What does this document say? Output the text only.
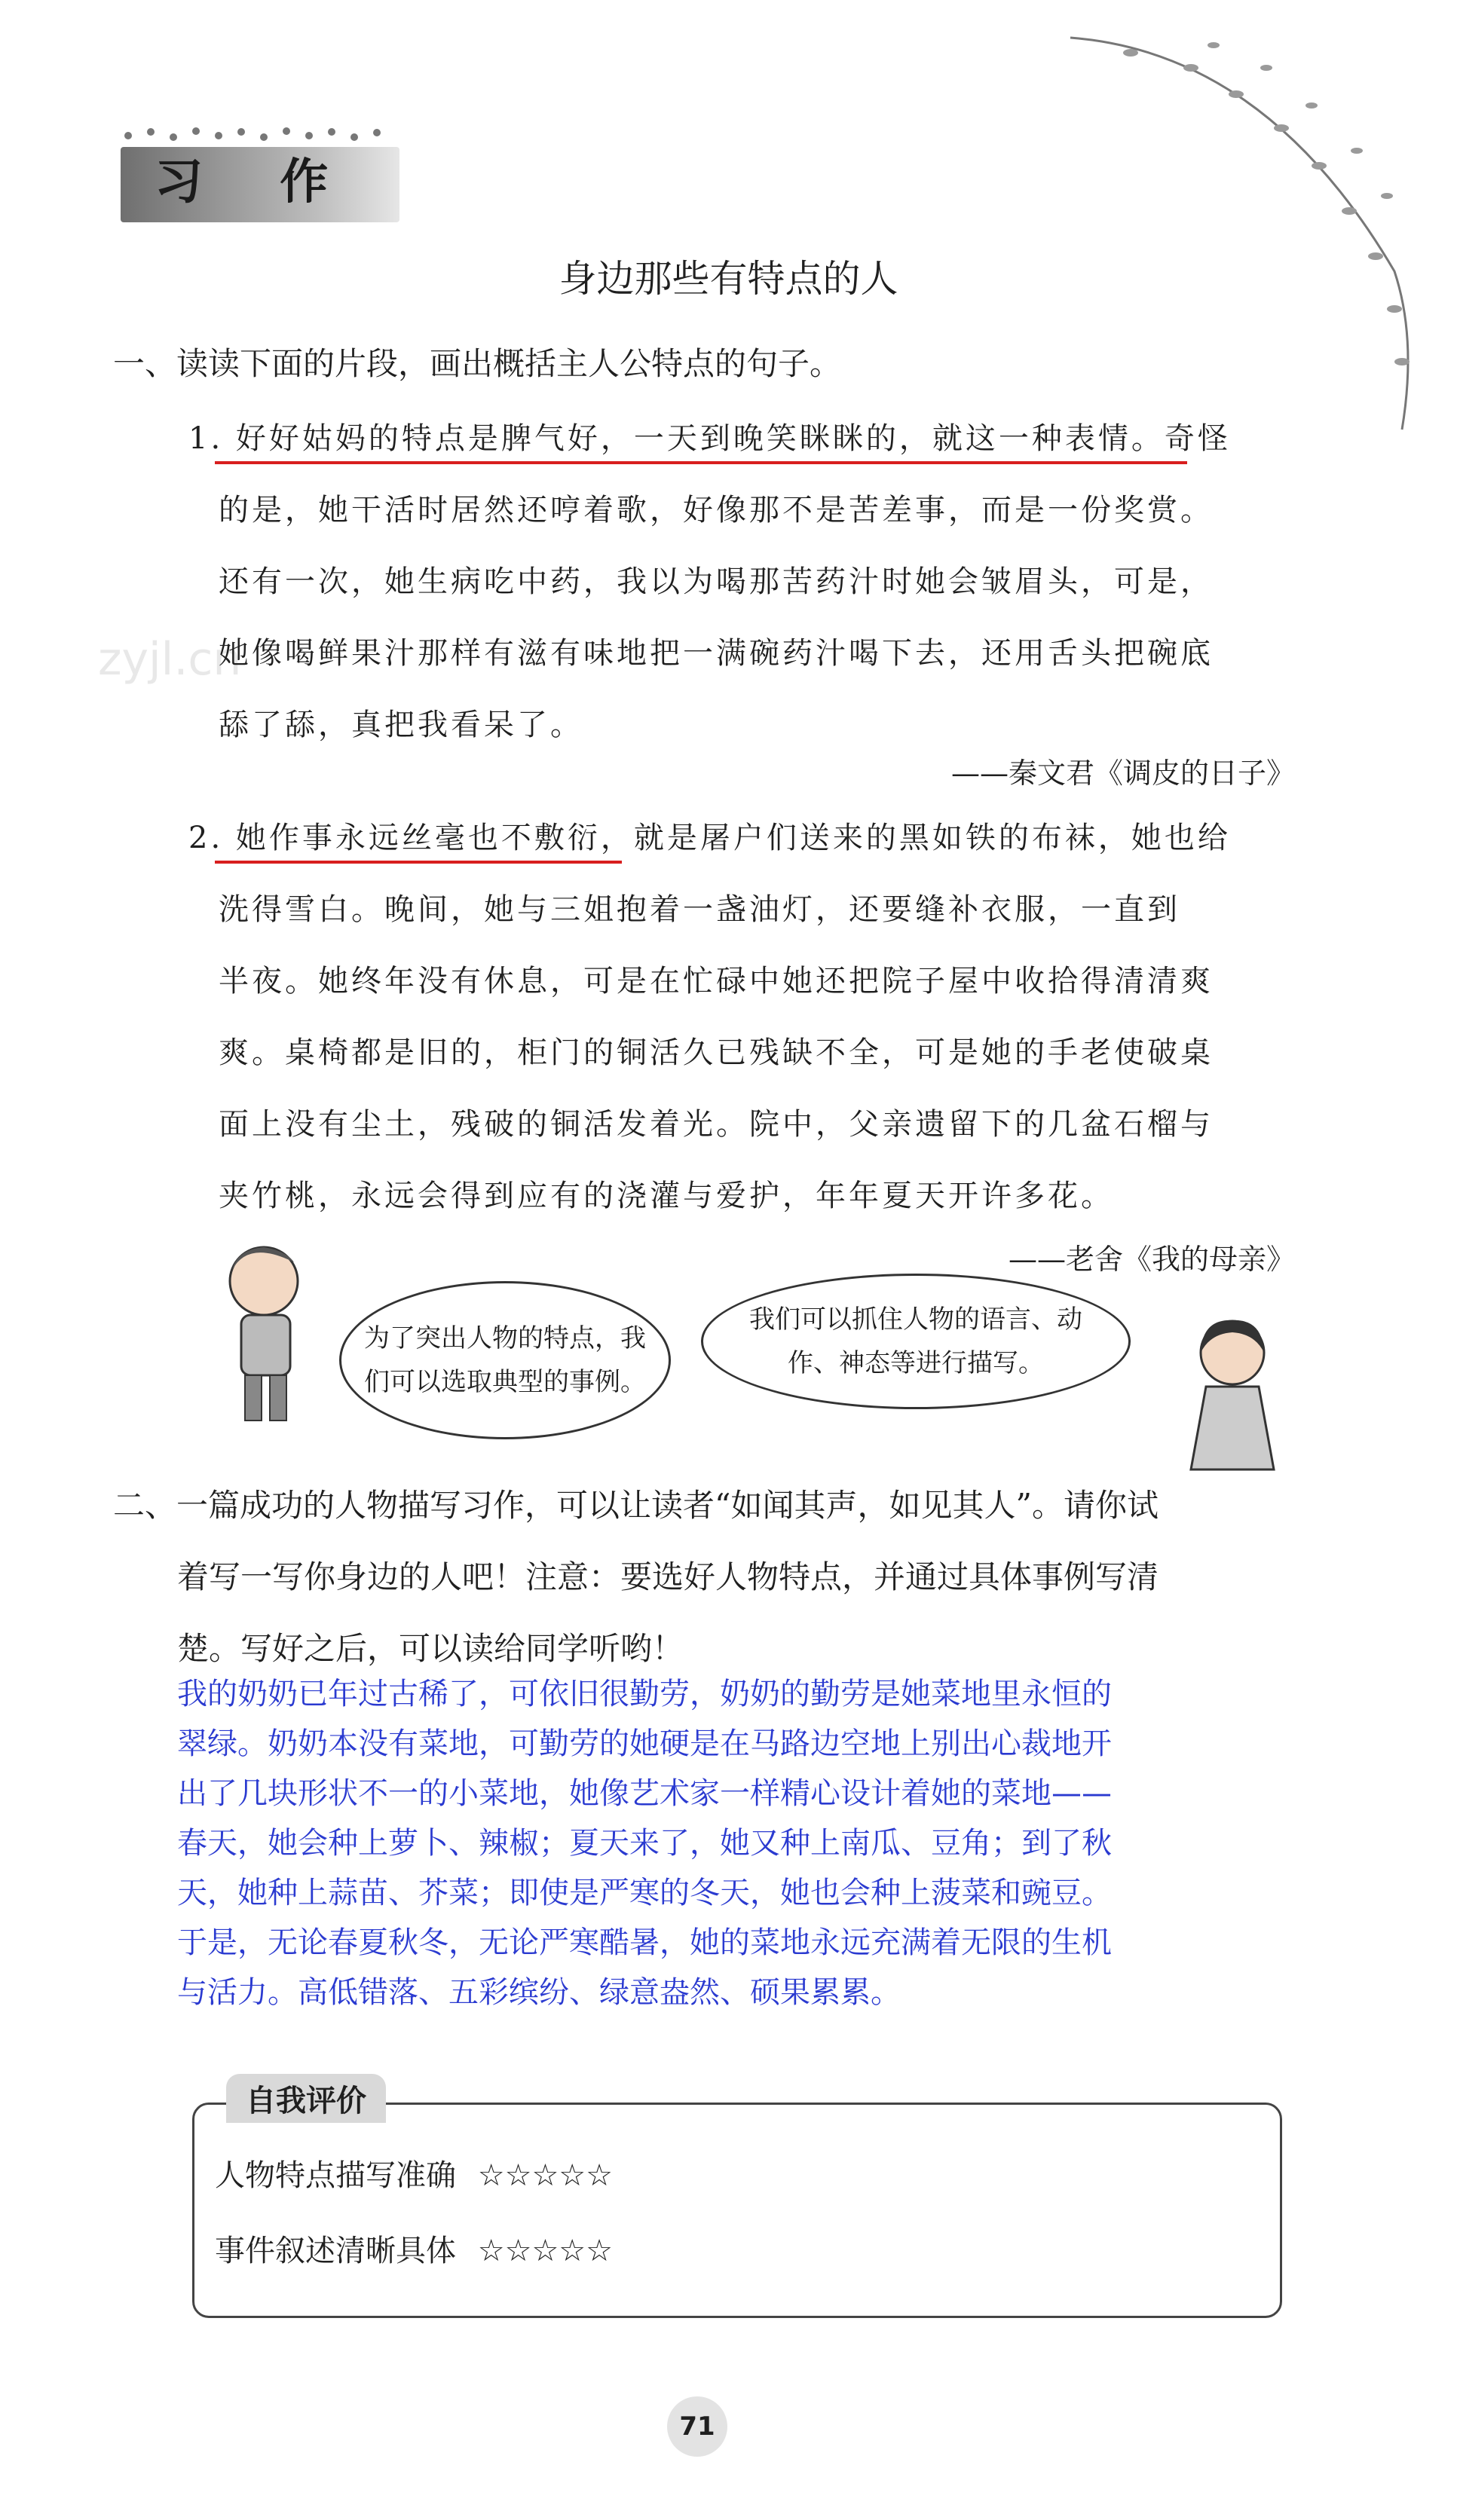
习 作
身边那些有特点的人
zyjl.cn
一、读读下面的片段，画出概括主人公特点的句子。
1. 好好姑妈的特点是脾气好，一天到晚笑眯眯的，就这一种表情。奇怪
的是，她干活时居然还哼着歌，好像那不是苦差事，而是一份奖赏。
还有一次，她生病吃中药，我以为喝那苦药汁时她会皱眉头，可是，
她像喝鲜果汁那样有滋有味地把一满碗药汁喝下去，还用舌头把碗底
舔了舔，真把我看呆了。
——秦文君《调皮的日子》
2. 她作事永远丝毫也不敷衍，就是屠户们送来的黑如铁的布袜，她也给
洗得雪白。晚间，她与三姐抱着一盏油灯，还要缝补衣服，一直到
半夜。她终年没有休息，可是在忙碌中她还把院子屋中收拾得清清爽
爽。桌椅都是旧的，柜门的铜活久已残缺不全，可是她的手老使破桌
面上没有尘土，残破的铜活发着光。院中，父亲遗留下的几盆石榴与
夹竹桃，永远会得到应有的浇灌与爱护，年年夏天开许多花。
——老舍《我的母亲》
为了突出人物的特点，我们可以选取典型的事例。
我们可以抓住人物的语言、动作、神态等进行描写。
二、一篇成功的人物描写习作，可以让读者“如闻其声，如见其人”。请你试
着写一写你身边的人吧！注意：要选好人物特点，并通过具体事例写清
楚。写好之后，可以读给同学听哟！
我的奶奶已年过古稀了，可依旧很勤劳，奶奶的勤劳是她菜地里永恒的
翠绿。奶奶本没有菜地，可勤劳的她硬是在马路边空地上别出心裁地开
出了几块形状不一的小菜地，她像艺术家一样精心设计着她的菜地——
春天，她会种上萝卜、辣椒；夏天来了，她又种上南瓜、豆角；到了秋
天，她种上蒜苗、芥菜；即使是严寒的冬天，她也会种上菠菜和豌豆。
于是，无论春夏秋冬，无论严寒酷暑，她的菜地永远充满着无限的生机
与活力。高低错落、五彩缤纷、绿意盎然、硕果累累。
自我评价
人物特点描写准确 ☆☆☆☆☆
事件叙述清晰具体 ☆☆☆☆☆
71
